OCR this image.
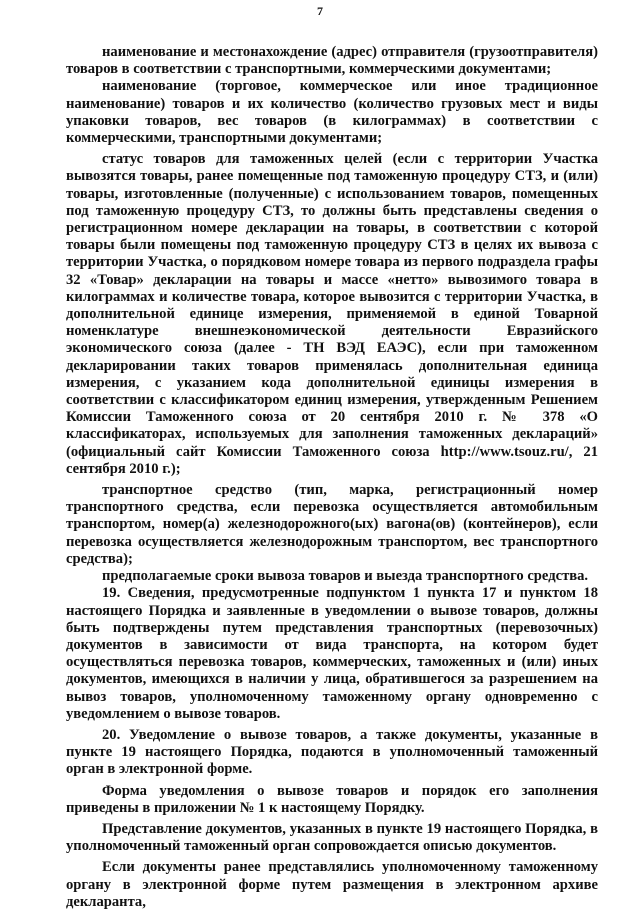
7

наименование и местонахождение (адрес) отправителя (грузоотправителя) товаров в соответствии с транспортными, коммерческими документами;

наименование (торговое, коммерческое или иное традиционное наименование) товаров и их количество (количество грузовых мест и виды упаковки товаров, вес товаров (в килограммах) в соответствии с коммерческими, транспортными документами;

статус товаров для таможенных целей (если с территории Участка вывозятся товары, ранее помещенные под таможенную процедуру СТЗ, и (или) товары, изготовленные (полученные) с использованием товаров, помещенных под таможенную процедуру СТЗ, то должны быть представлены сведения о регистрационном номере декларации на товары, в соответствии с которой товары были помещены под таможенную процедуру СТЗ в целях их вывоза с территории Участка, о порядковом номере товара из первого подраздела графы 32 «Товар» декларации на товары и массе «нетто» вывозимого товара в килограммах и количестве товара, которое вывозится с территории Участка, в дополнительной единице измерения, применяемой в единой Товарной номенклатуре внешнеэкономической деятельности Евразийского экономического союза (далее - ТН ВЭД ЕАЭС), если при таможенном декларировании таких товаров применялась дополнительная единица измерения, с указанием кода дополнительной единицы измерения в соответствии с классификатором единиц измерения, утвержденным Решением Комиссии Таможенного союза от 20 сентября 2010 г. № 378 «О классификаторах, используемых для заполнения таможенных деклараций» (официальный сайт Комиссии Таможенного союза http://www.tsouz.ru/, 21 сентября 2010 г.);

транспортное средство (тип, марка, регистрационный номер транспортного средства, если перевозка осуществляется автомобильным транспортом, номер(а) железнодорожного(ых) вагона(ов) (контейнеров), если перевозка осуществляется железнодорожным транспортом, вес транспортного средства);

предполагаемые сроки вывоза товаров и выезда транспортного средства.

19. Сведения, предусмотренные подпунктом 1 пункта 17 и пунктом 18 настоящего Порядка и заявленные в уведомлении о вывозе товаров, должны быть подтверждены путем представления транспортных (перевозочных) документов в зависимости от вида транспорта, на котором будет осуществляться перевозка товаров, коммерческих, таможенных и (или) иных документов, имеющихся в наличии у лица, обратившегося за разрешением на вывоз товаров, уполномоченному таможенному органу одновременно с уведомлением о вывозе товаров.

20. Уведомление о вывозе товаров, а также документы, указанные в пункте 19 настоящего Порядка, подаются в уполномоченный таможенный орган в электронной форме.

Форма уведомления о вывозе товаров и порядок его заполнения приведены в приложении № 1 к настоящему Порядку.

Представление документов, указанных в пункте 19 настоящего Порядка, в уполномоченный таможенный орган сопровождается описью документов.

Если документы ранее представлялись уполномоченному таможенному органу в электронной форме путем размещения в электронном архиве декларанта,
